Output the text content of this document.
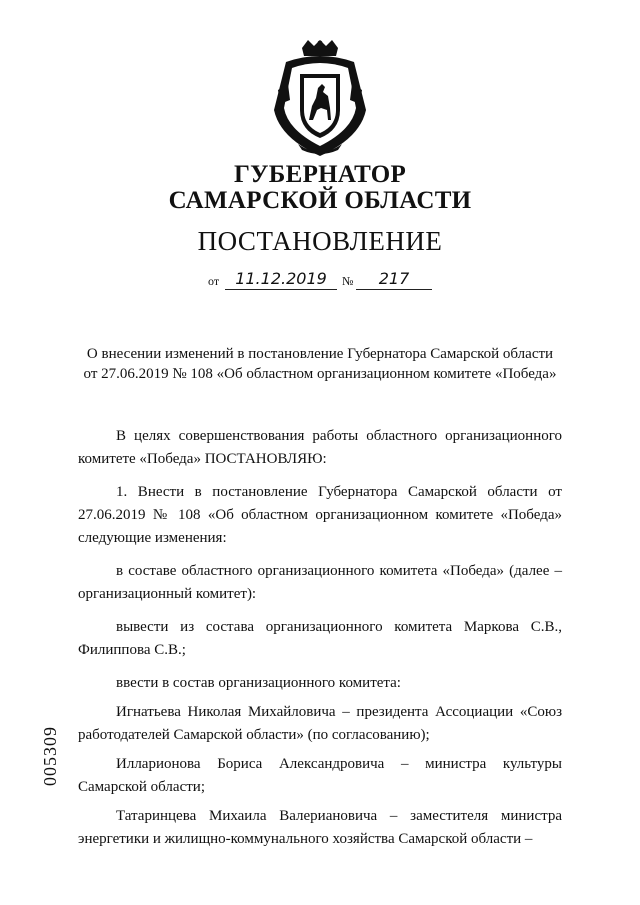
ГУБЕРНАТОР
САМАРСКОЙ ОБЛАСТИ
ПОСТАНОВЛЕНИЕ
от	11.12.2019	№	217
О внесении изменений в постановление Губернатора Самарской области
от 27.06.2019 № 108 «Об областном организационном комитете «Победа»

В целях совершенствования работы областного организационного комитете «Победа» ПОСТАНОВЛЯЮ:

1. Внести в постановление Губернатора Самарской области от 27.06.2019 № 108 «Об областном организационном комитете «Победа» следующие изменения:

в составе областного организационного комитета «Победа» (далее – организационный комитет):

вывести из состава организационного комитета Маркова С.В., Филиппова С.В.;

ввести в состав организационного комитета:

Игнатьева Николая Михайловича – президента Ассоциации «Союз работодателей Самарской области» (по согласованию);

Илларионова Бориса Александровича – министра культуры Самарской области;

Татаринцева Михаила Валериановича – заместителя министра энергетики и жилищно-коммунального хозяйства Самарской области –

005309
